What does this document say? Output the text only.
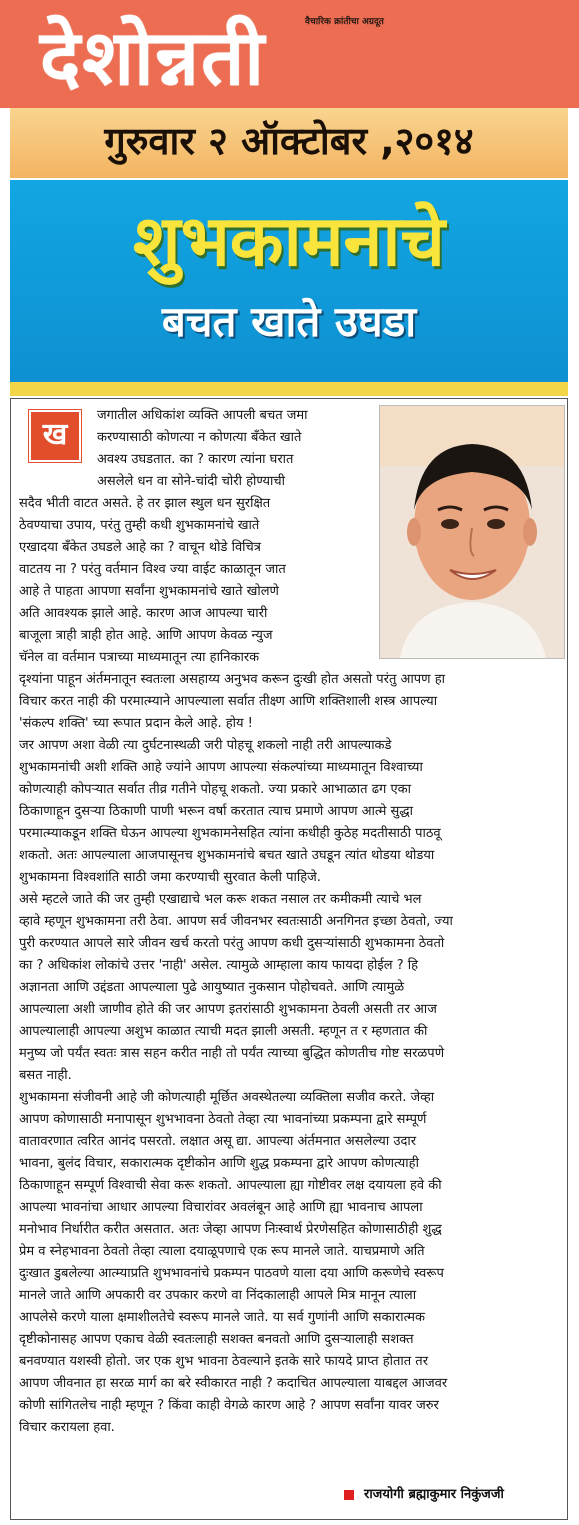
देशोन्नती	वैचारिक क्रांतीचा अग्रदूत
गुरुवार २ ऑक्टोबर ,२०१४
शुभकामनाचे
बचत खाते उघडा
ख
जगातील अधिकांश व्यक्ति आपली बचत जमा
करण्यासाठी कोणत्या न कोणत्या बँकेत खाते
अवश्य उघडतात. का ? कारण त्यांना घरात
असलेले धन वा सोने-चांदी चोरी होण्याची
सदैव भीती वाटत असते. हे तर झाल स्थुल धन सुरक्षित
ठेवण्याचा उपाय, परंतु तुम्ही कधी शुभकामनांचे खाते
एखादया बँकेत उघडले आहे का ? वाचून थोडे विचित्र
वाटतय ना ? परंतु वर्तमान विश्व ज्या वाईट काळातून जात
आहे ते पाहता आपणा सर्वांना शुभकामनांचे खाते खोलणे
अति आवश्यक झाले आहे. कारण आज आपल्या चारी
बाजूला त्राही त्राही होत आहे. आणि आपण केवळ न्युज
चॅनेल वा वर्तमान पत्राच्या माध्यमातून त्या हानिकारक
दृश्यांना पाहून अंर्तमनातून स्वतःला असहाय्य अनुभव करून दुःखी होत असतो परंतु आपण हा
विचार करत नाही की परमात्म्याने आपल्याला सर्वात तीक्ष्ण आणि शक्तिशाली शस्त्र आपल्या
'संकल्प शक्ति' च्या रूपात प्रदान केले आहे. होय !
जर आपण अशा वेळी त्या दुर्घटनास्थळी जरी पोहचू शकलो नाही तरी आपल्याकडे
शुभकामनांची अशी शक्ति आहे ज्यांने आपण आपल्या संकल्पांच्या माध्यमातून विश्वाच्या
कोणत्याही कोपऱ्यात सर्वात तीव्र गतीने पोहचू शकतो. ज्या प्रकारे आभाळात ढग एका
ठिकाणाहून दुसऱ्या ठिकाणी पाणी भरून वर्षा करतात त्याच प्रमाणे आपण आत्मे सुद्धा
परमात्म्याकडून शक्ति घेऊन आपल्या शुभकामनेसहित त्यांना कधीही कुठेह मदतीसाठी पाठवू
शकतो. अतः आपल्याला आजपासूनच शुभकामनांचे बचत खाते उघडून त्यांत थोडया थोडया
शुभकामना विश्वशांति साठी जमा करण्याची सुरवात केली पाहिजे.
असे म्हटले जाते की जर तुम्ही एखाद्याचे भल करू शकत नसाल तर कमीकमी त्याचे भल
व्हावे म्हणून शुभकामना तरी ठेवा. आपण सर्व जीवनभर स्वतःसाठी अनगिनत इच्छा ठेवतो, ज्या
पुरी करण्यात आपले सारे जीवन खर्च करतो परंतु आपण कधी दुसऱ्यांसाठी शुभकामना ठेवतो
का ? अधिकांश लोकांचे उत्तर 'नाही' असेल. त्यामुळे आम्हाला काय फायदा होईल ? हि
अज्ञानता आणि उद्दंडता आपल्याला पुढे आयुष्यात नुकसान पोहोचवते. आणि त्यामुळे
आपल्याला अशी जाणीव होते की जर आपण इतरांसाठी शुभकामना ठेवली असती तर आज
आपल्यालाही आपल्या अशुभ काळात त्याची मदत झाली असती. म्हणून त र म्हणतात की
मनुष्य जो पर्यंत स्वतः त्रास सहन करीत नाही तो पर्यंत त्याच्या बुद्धित कोणतीच गोष्ट सरळपणे
बसत नाही.
शुभकामना संजीवनी आहे जी कोणत्याही मूर्छित अवस्थेतल्या व्यक्तिला सजीव करते. जेव्हा
आपण कोणासाठी मनापासून शुभभावना ठेवतो तेव्हा त्या भावनांच्या प्रकम्पना द्वारे सम्पूर्ण
वातावरणात त्वरित आनंद पसरतो. लक्षात असू द्या. आपल्या अंर्तमनात असलेल्या उदार
भावना, बुलंद विचार, सकारात्मक दृष्टीकोन आणि शुद्ध प्रकम्पना द्वारे आपण कोणत्याही
ठिकाणाहून सम्पूर्ण विश्वाची सेवा करू शकतो. आपल्याला ह्या गोष्टीवर लक्ष दयायला हवे की
आपल्या भावनांचा आधार आपल्या विचारांवर अवलंबून आहे आणि ह्या भावनाच आपला
मनोभाव निर्धारीत करीत असतात. अतः जेव्हा आपण निःस्वार्थ प्रेरणेसहित कोणासाठीही शुद्ध
प्रेम व स्नेहभावना ठेवतो तेव्हा त्याला दयाळूपणाचे एक रूप मानले जाते. याचप्रमाणे अति
दुःखात डुबलेल्या आत्म्याप्रति शुभभावनांचे प्रकम्पन पाठवणे याला दया आणि करूणेचे स्वरूप
मानले जाते आणि अपकारी वर उपकार करणे वा निंदकालाही आपले मित्र मानून त्याला
आपलेसे करणे याला क्षमाशीलतेचे स्वरूप मानले जाते. या सर्व गुणांनी आणि सकारात्मक
दृष्टीकोनासह आपण एकाच वेळी स्वतःलाही सशक्त बनवतो आणि दुसऱ्यालाही सशक्त
बनवण्यात यशस्वी होतो. जर एक शुभ भावना ठेवल्याने इतके सारे फायदे प्राप्त होतात तर
आपण जीवनात हा सरळ मार्ग का बरे स्वीकारत नाही ? कदाचित आपल्याला याबद्दल आजवर
कोणी सांगितलेच नाही म्हणून ? किंवा काही वेगळे कारण आहे ? आपण सर्वांना यावर जरुर
विचार करायला हवा.
राजयोगी ब्रह्माकुमार निकुंजजी
